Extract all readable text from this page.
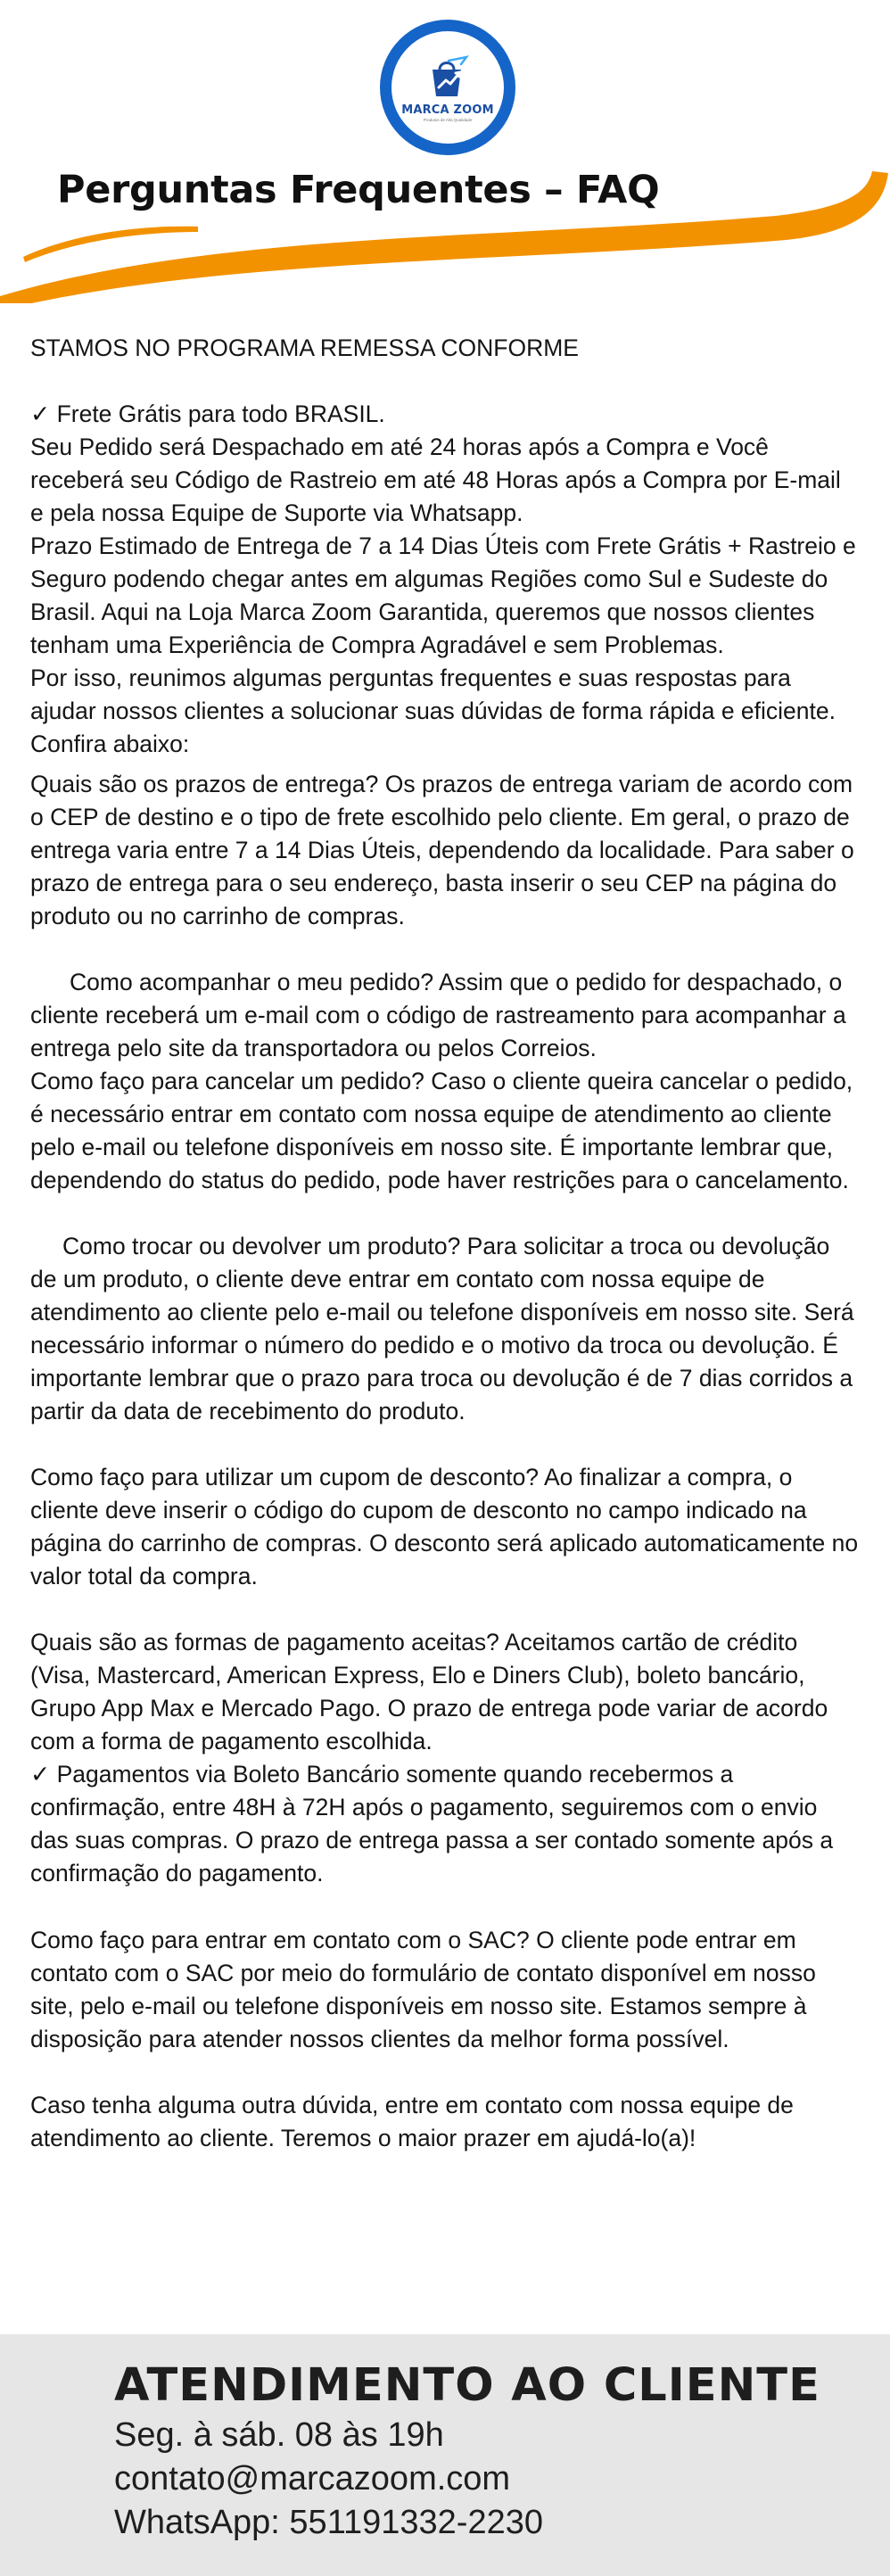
MARCA ZOOM
Produtos de Alta Qualidade
Perguntas Frequentes – FAQ

STAMOS NO PROGRAMA REMESSA CONFORME

✓ Frete Grátis para todo BRASIL.

Seu Pedido será Despachado em até 24 horas após a Compra e Você receberá seu Código de Rastreio em até 48 Horas após a Compra por E-mail e pela nossa Equipe de Suporte via Whatsapp.

Prazo Estimado de Entrega de 7 a 14 Dias Úteis com Frete Grátis + Rastreio e Seguro podendo chegar antes em algumas Regiões como Sul e Sudeste do Brasil. Aqui na Loja Marca Zoom Garantida, queremos que nossos clientes tenham uma Experiência de Compra Agradável e sem Problemas.

Por isso, reunimos algumas perguntas frequentes e suas respostas para ajudar nossos clientes a solucionar suas dúvidas de forma rápida e eficiente. Confira abaixo:

Quais são os prazos de entrega? Os prazos de entrega variam de acordo com o CEP de destino e o tipo de frete escolhido pelo cliente. Em geral, o prazo de entrega varia entre 7 a 14 Dias Úteis, dependendo da localidade. Para saber o prazo de entrega para o seu endereço, basta inserir o seu CEP na página do produto ou no carrinho de compras.

Como acompanhar o meu pedido? Assim que o pedido for despachado, o cliente receberá um e-mail com o código de rastreamento para acompanhar a entrega pelo site da transportadora ou pelos Correios.

Como faço para cancelar um pedido? Caso o cliente queira cancelar o pedido, é necessário entrar em contato com nossa equipe de atendimento ao cliente pelo e-mail ou telefone disponíveis em nosso site. É importante lembrar que, dependendo do status do pedido, pode haver restrições para o cancelamento.

Como trocar ou devolver um produto? Para solicitar a troca ou devolução de um produto, o cliente deve entrar em contato com nossa equipe de atendimento ao cliente pelo e-mail ou telefone disponíveis em nosso site. Será necessário informar o número do pedido e o motivo da troca ou devolução. É importante lembrar que o prazo para troca ou devolução é de 7 dias corridos a partir da data de recebimento do produto.

Como faço para utilizar um cupom de desconto? Ao finalizar a compra, o cliente deve inserir o código do cupom de desconto no campo indicado na página do carrinho de compras. O desconto será aplicado automaticamente no valor total da compra.

Quais são as formas de pagamento aceitas? Aceitamos cartão de crédito (Visa, Mastercard, American Express, Elo e Diners Club), boleto bancário, Grupo App Max e Mercado Pago. O prazo de entrega pode variar de acordo com a forma de pagamento escolhida.

✓ Pagamentos via Boleto Bancário somente quando recebermos a confirmação, entre 48H à 72H após o pagamento, seguiremos com o envio das suas compras. O prazo de entrega passa a ser contado somente após a confirmação do pagamento.

Como faço para entrar em contato com o SAC? O cliente pode entrar em contato com o SAC por meio do formulário de contato disponível em nosso site, pelo e-mail ou telefone disponíveis em nosso site. Estamos sempre à disposição para atender nossos clientes da melhor forma possível.

Caso tenha alguma outra dúvida, entre em contato com nossa equipe de atendimento ao cliente. Teremos o maior prazer em ajudá-lo(a)!

ATENDIMENTO AO CLIENTE
Seg. à sáb. 08 às 19h
contato@marcazoom.com
WhatsApp: 551191332-2230
